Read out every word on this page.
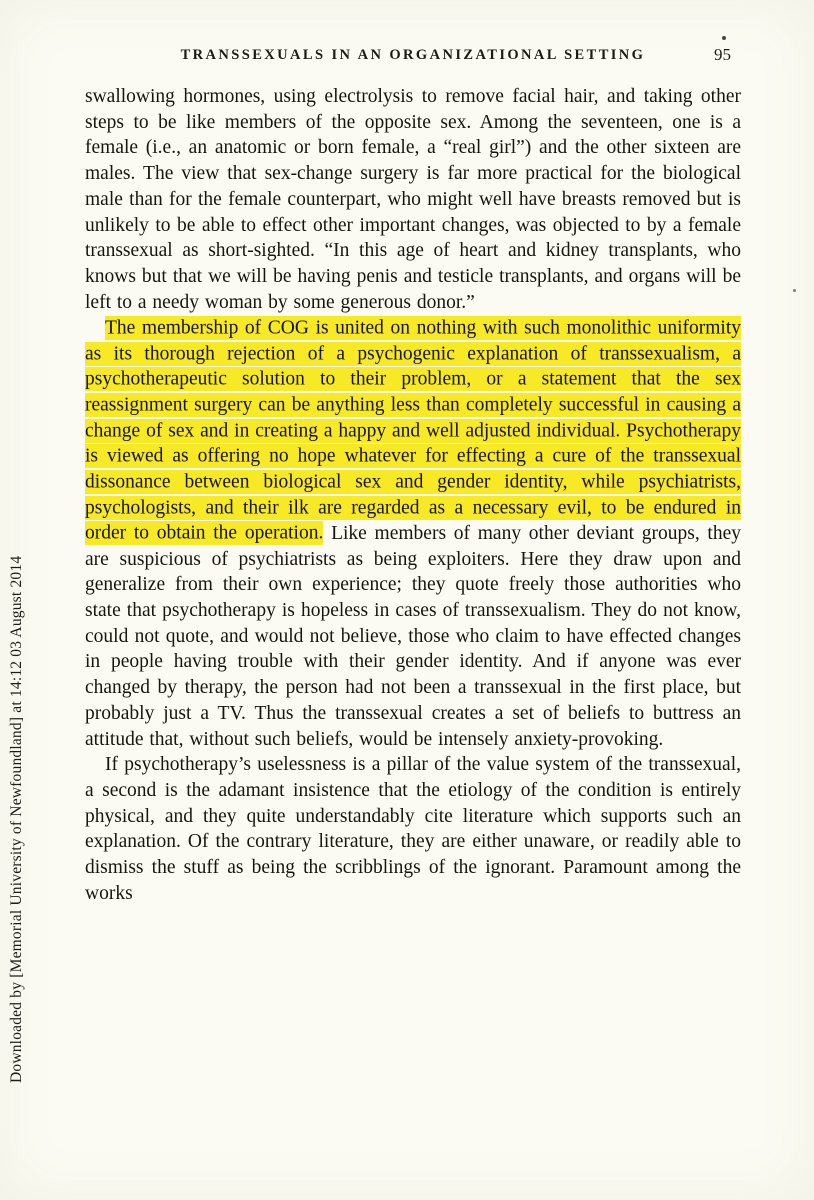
TRANSSEXUALS IN AN ORGANIZATIONAL SETTING	95

swallowing hormones, using electrolysis to remove facial hair, and taking other steps to be like members of the opposite sex. Among the seventeen, one is a female (i.e., an anatomic or born female, a “real girl”) and the other sixteen are males. The view that sex-change surgery is far more practical for the biological male than for the female counterpart, who might well have breasts removed but is unlikely to be able to effect other important changes, was objected to by a female transsexual as short-sighted. “In this age of heart and kidney transplants, who knows but that we will be having penis and testicle transplants, and organs will be left to a needy woman by some generous donor.”

The membership of COG is united on nothing with such monolithic uniformity as its thorough rejection of a psychogenic explanation of transsexualism, a psychotherapeutic solution to their problem, or a statement that the sex reassignment surgery can be anything less than completely successful in causing a change of sex and in creating a happy and well adjusted individual. Psychotherapy is viewed as offering no hope whatever for effecting a cure of the transsexual dissonance between biological sex and gender identity, while psychiatrists, psychologists, and their ilk are regarded as a necessary evil, to be endured in order to obtain the operation. Like members of many other deviant groups, they are suspicious of psychiatrists as being exploiters. Here they draw upon and generalize from their own experience; they quote freely those authorities who state that psychotherapy is hopeless in cases of transsexualism. They do not know, could not quote, and would not believe, those who claim to have effected changes in people having trouble with their gender identity. And if anyone was ever changed by therapy, the person had not been a transsexual in the first place, but probably just a TV. Thus the transsexual creates a set of beliefs to buttress an attitude that, without such beliefs, would be intensely anxiety-provoking.

If psychotherapy’s uselessness is a pillar of the value system of the transsexual, a second is the adamant insistence that the etiology of the condition is entirely physical, and they quite understandably cite literature which supports such an explanation. Of the contrary literature, they are either unaware, or readily able to dismiss the stuff as being the scribblings of the ignorant. Paramount among the works

Downloaded by [Memorial University of Newfoundland] at 14:12 03 August 2014
